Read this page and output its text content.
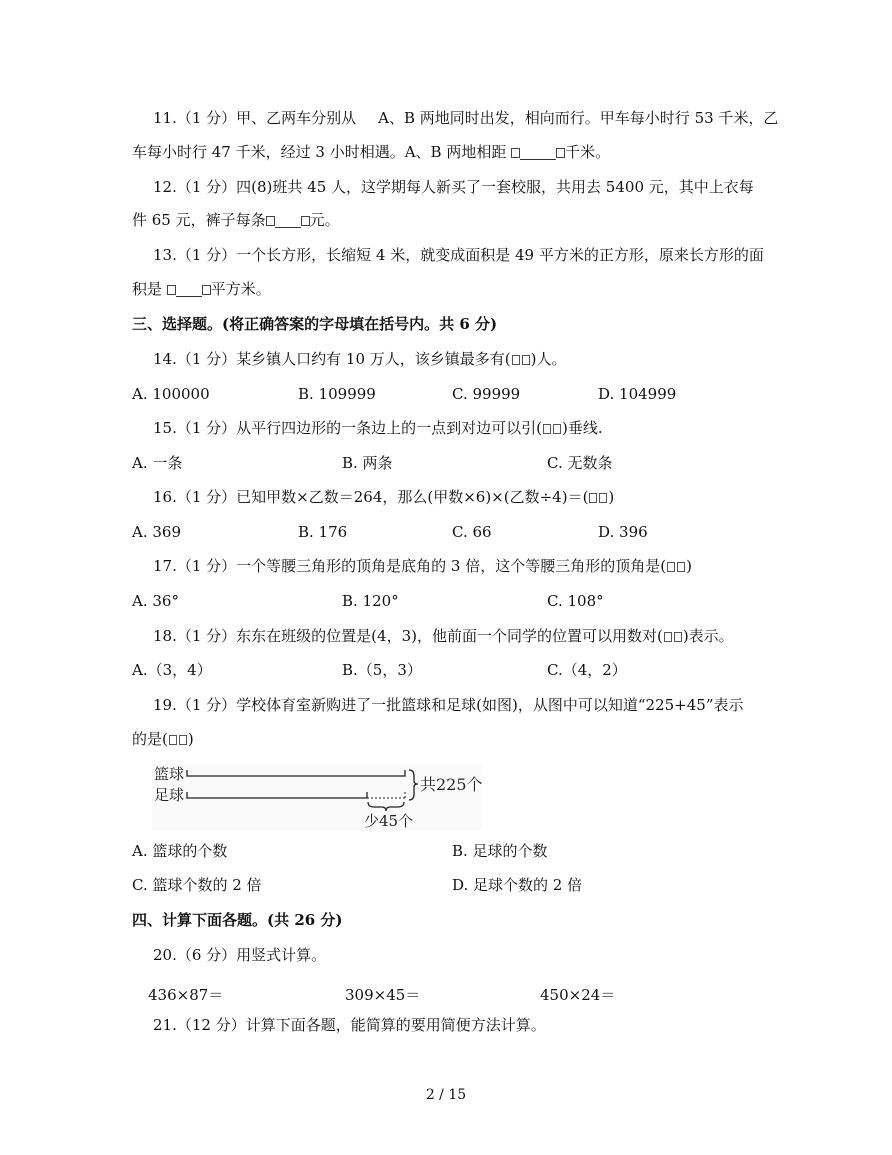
11.（1 分）甲、乙两车分别从 A、B 两地同时出发，相向而行。甲车每小时行 53 千米，乙
车每小时行 47 千米，经过 3 小时相遇。A、B 两地相距	千米。
12.（1 分）四(8)班共 45 人，这学期每人新买了一套校服，共用去 5400 元，其中上衣每
件 65 元，裤子每条	元。
13.（1 分）一个长方形，长缩短 4 米，就变成面积是 49 平方米的正方形，原来长方形的面
积是	平方米。
三、选择题。(将正确答案的字母填在括号内。共 6 分)
14.（1 分）某乡镇人口约有 10 万人，该乡镇最多有( )人。
A. 100000	B. 109999	C. 99999	D. 104999
15.（1 分）从平行四边形的一条边上的一点到对边可以引( )垂线.
A. 一条	B. 两条	C. 无数条
16.（1 分）已知甲数×乙数＝264，那么(甲数×6)×(乙数÷4)＝( )
A. 369	B. 176	C. 66	D. 396
17.（1 分）一个等腰三角形的顶角是底角的 3 倍，这个等腰三角形的顶角是( )
A. 36°	B. 120°	C. 108°
18.（1 分）东东在班级的位置是(4，3)，他前面一个同学的位置可以用数对( )表示。
A.（3，4）	B.（5，3）	C.（4，2）
19.（1 分）学校体育室新购进了一批篮球和足球(如图)，从图中可以知道“225+45”表示
的是( )
篮球
足球
共225个
少45个
A. 篮球的个数	B. 足球的个数
C. 篮球个数的 2 倍	D. 足球个数的 2 倍
四、计算下面各题。(共 26 分)
20.（6 分）用竖式计算。
436×87＝	309×45＝	450×24＝
21.（12 分）计算下面各题，能简算的要用简便方法计算。
2 / 15
